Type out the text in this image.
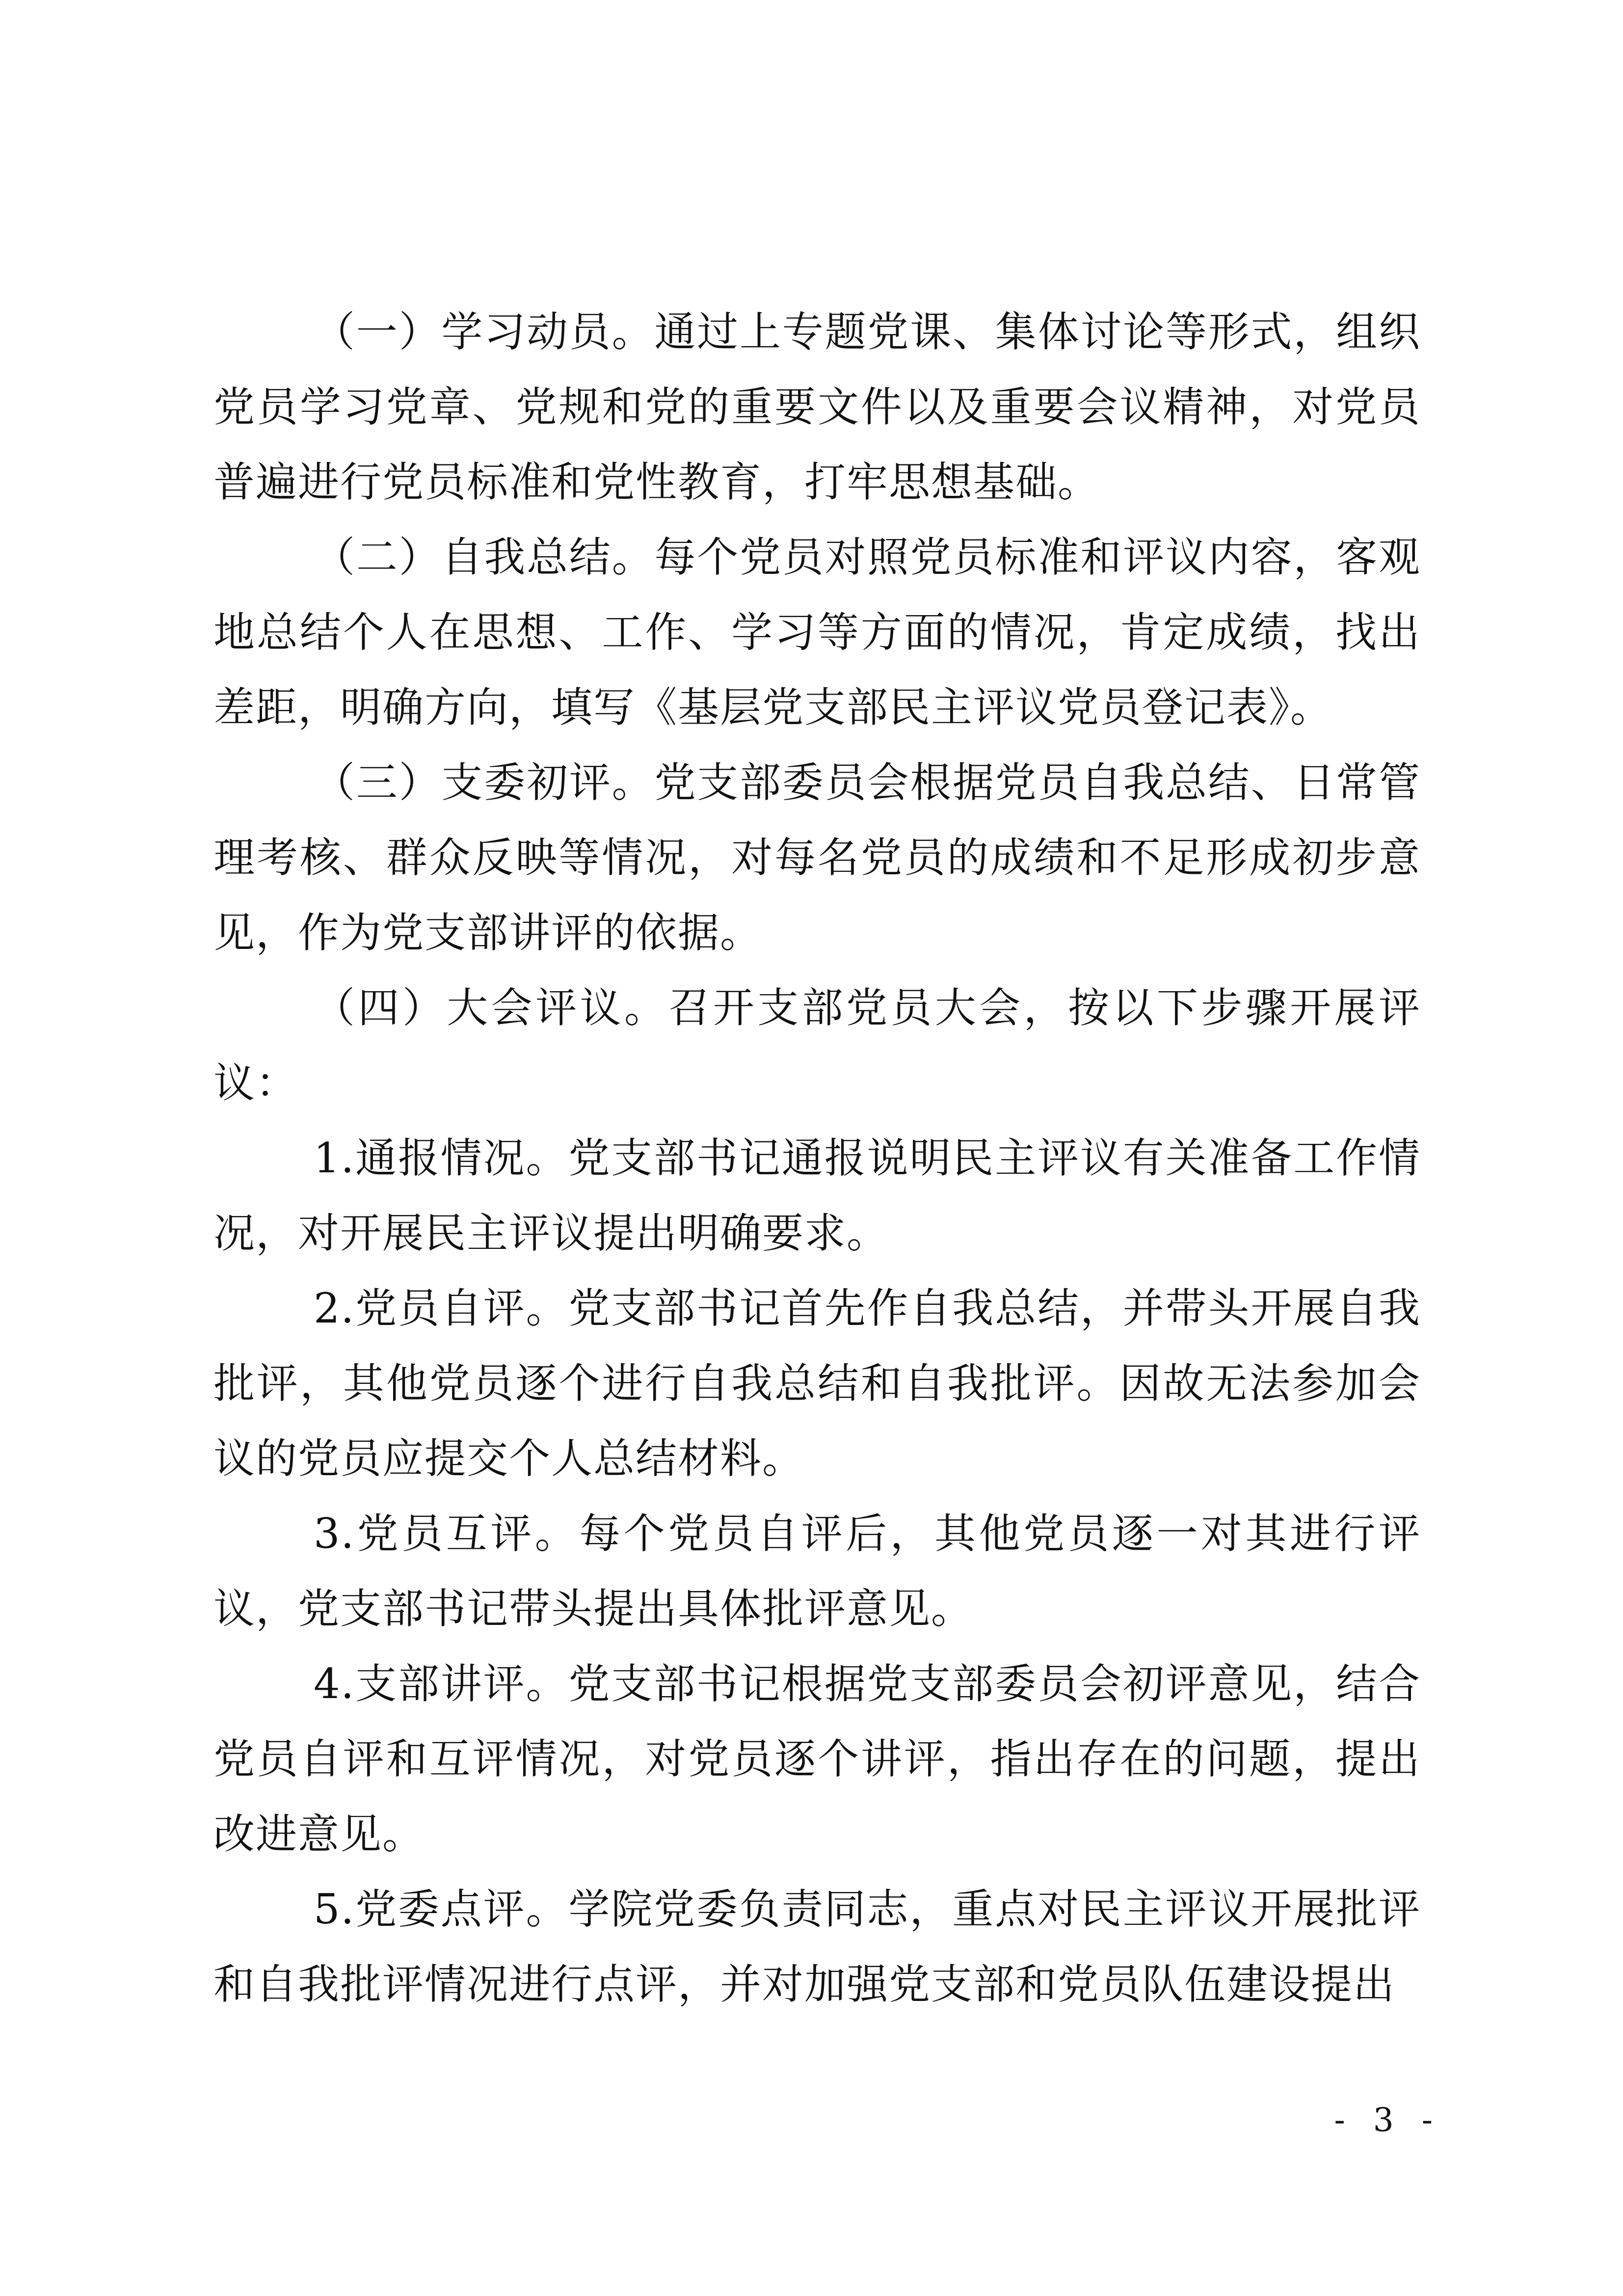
（一）学习动员。通过上专题党课、集体讨论等形式，组织党员学习党章、党规和党的重要文件以及重要会议精神，对党员普遍进行党员标准和党性教育，打牢思想基础。

（二）自我总结。每个党员对照党员标准和评议内容，客观地总结个人在思想、工作、学习等方面的情况，肯定成绩，找出差距，明确方向，填写《基层党支部民主评议党员登记表》。

（三）支委初评。党支部委员会根据党员自我总结、日常管理考核、群众反映等情况，对每名党员的成绩和不足形成初步意见，作为党支部讲评的依据。

（四）大会评议。召开支部党员大会，按以下步骤开展评议：

1.通报情况。党支部书记通报说明民主评议有关准备工作情况，对开展民主评议提出明确要求。

2.党员自评。党支部书记首先作自我总结，并带头开展自我批评，其他党员逐个进行自我总结和自我批评。因故无法参加会议的党员应提交个人总结材料。

3.党员互评。每个党员自评后，其他党员逐一对其进行评议，党支部书记带头提出具体批评意见。

4.支部讲评。党支部书记根据党支部委员会初评意见，结合党员自评和互评情况，对党员逐个讲评，指出存在的问题，提出改进意见。

5.党委点评。学院党委负责同志，重点对民主评议开展批评和自我批评情况进行点评，并对加强党支部和党员队伍建设提出

- 3 -
